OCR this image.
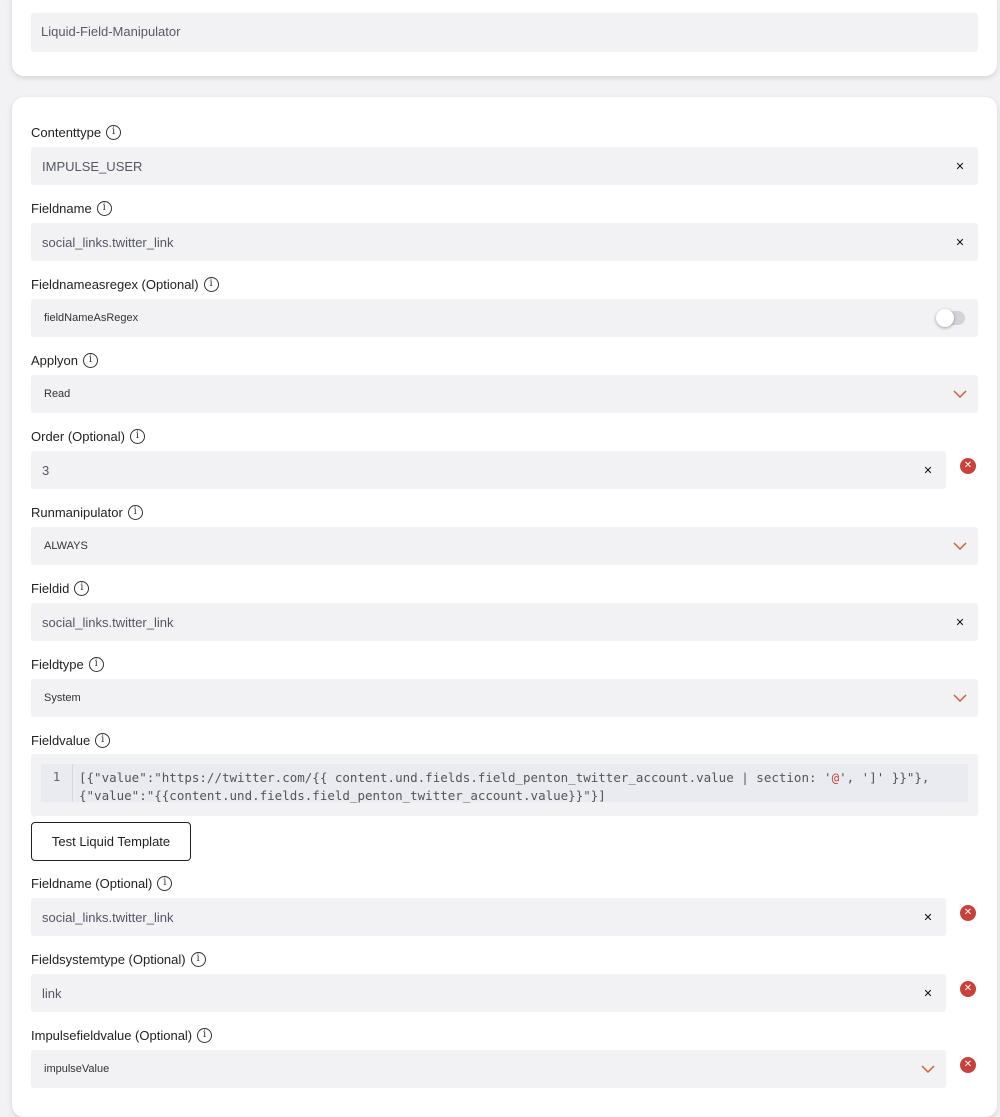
Liquid-Field-Manipulator
Contenttype	i
IMPULSE_USER	✕
Fieldname	i
social_links.twitter_link	✕
Fieldnameasregex (Optional)	i
fieldNameAsRegex
Applyon	i
Read
Order (Optional)	i
3	✕	✕
Runmanipulator	i
ALWAYS
Fieldid	i
social_links.twitter_link	✕
Fieldtype	i
System
Fieldvalue	i
1	[{"value":"https://twitter.com/{{ content.und.fields.field_penton_twitter_account.value | section: '@', ']' }}"},
{"value":"{{content.und.fields.field_penton_twitter_account.value}}"}]
Test Liquid Template
Fieldname (Optional)	i
social_links.twitter_link	✕	✕
Fieldsystemtype (Optional)	i
link	✕	✕
Impulsefieldvalue (Optional)	i
impulseValue	✕
